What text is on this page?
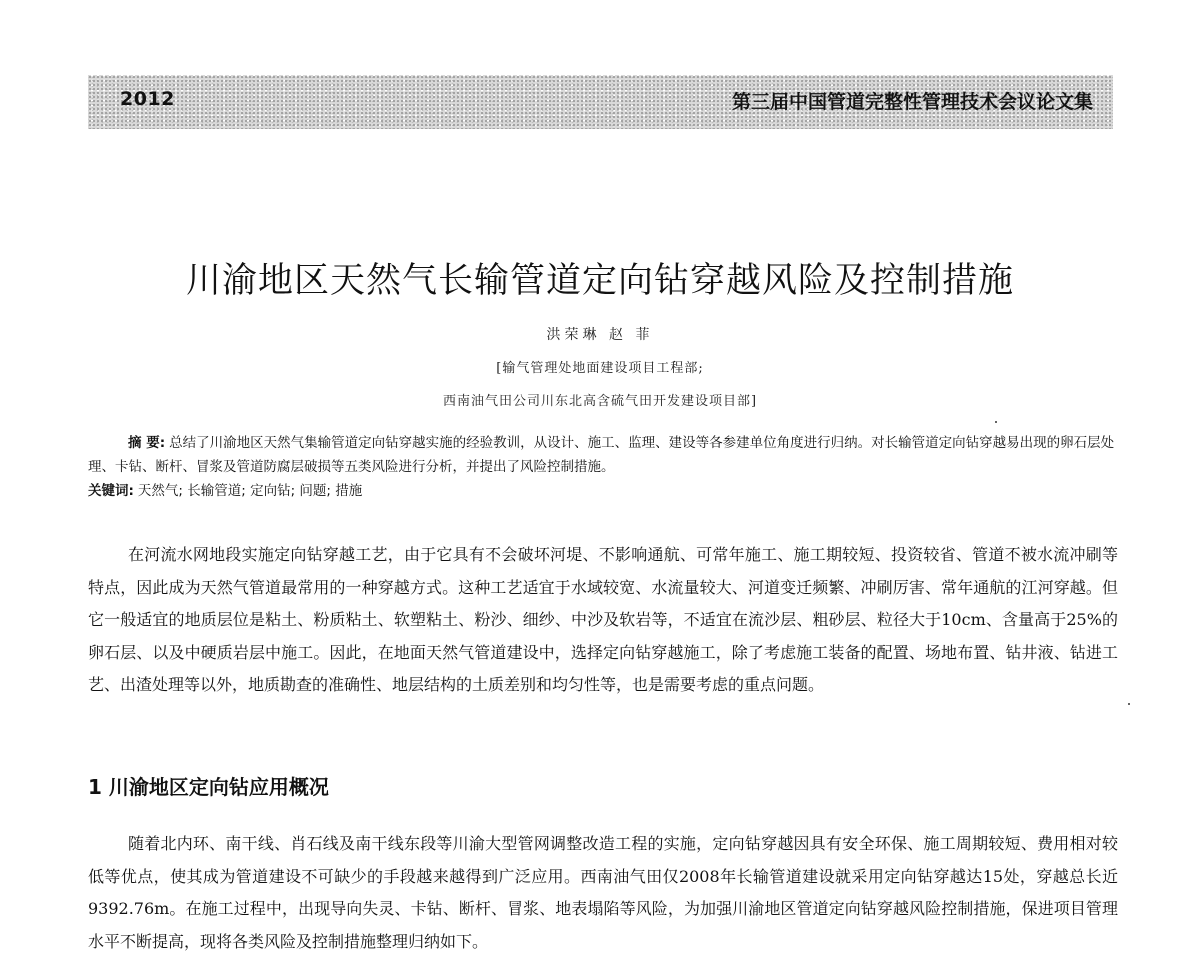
2012	第三届中国管道完整性管理技术会议论文集
川渝地区天然气长输管道定向钻穿越风险及控制措施
洪荣琳 赵 菲
[输气管理处地面建设项目工程部;
西南油气田公司川东北高含硫气田开发建设项目部]

摘 要: 总结了川渝地区天然气集输管道定向钻穿越实施的经验教训，从设计、施工、监理、建设等各参建单位角度进行归纳。对长输管道定向钻穿越易出现的卵石层处理、卡钻、断杆、冒浆及管道防腐层破损等五类风险进行分析，并提出了风险控制措施。

关键词: 天然气; 长输管道; 定向钻; 问题; 措施

在河流水网地段实施定向钻穿越工艺，由于它具有不会破坏河堤、不影响通航、可常年施工、施工期较短、投资较省、管道不被水流冲刷等特点，因此成为天然气管道最常用的一种穿越方式。这种工艺适宜于水域较宽、水流量较大、河道变迁频繁、冲刷厉害、常年通航的江河穿越。但它一般适宜的地质层位是粘土、粉质粘土、软塑粘土、粉沙、细纱、中沙及软岩等，不适宜在流沙层、粗砂层、粒径大于10cm、含量高于25%的卵石层、以及中硬质岩层中施工。因此，在地面天然气管道建设中，选择定向钻穿越施工，除了考虑施工装备的配置、场地布置、钻井液、钻进工艺、出渣处理等以外，地质勘查的准确性、地层结构的土质差别和均匀性等，也是需要考虑的重点问题。

1 川渝地区定向钻应用概况

随着北内环、南干线、肖石线及南干线东段等川渝大型管网调整改造工程的实施，定向钻穿越因具有安全环保、施工周期较短、费用相对较低等优点，使其成为管道建设不可缺少的手段越来越得到广泛应用。西南油气田仅2008年长输管道建设就采用定向钻穿越达15处，穿越总长近9392.76m。在施工过程中，出现导向失灵、卡钻、断杆、冒浆、地表塌陷等风险，为加强川渝地区管道定向钻穿越风险控制措施，保进项目管理水平不断提高，现将各类风险及控制措施整理归纳如下。
